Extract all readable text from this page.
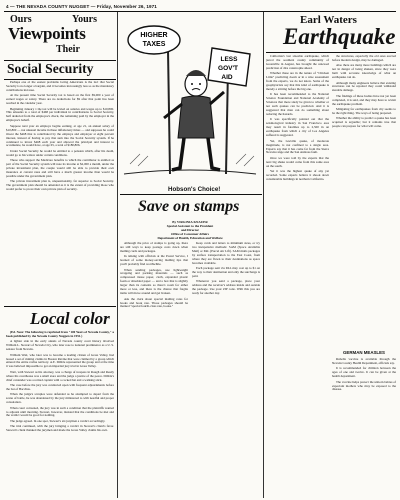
4 — THE NEVADA COUNTY NUGGET — Friday, November 26, 1971
Ours	Yours
Viewpoints
Their
Social Security

Perhaps one of the easiest problems facing Americans is the fact that Social Security is no longer a bargain, and it becomes increasingly less so as the mandatory contributions increase.

At the present time Social Security tax is based on the first $9,000 a year of earned wages or salary. There are no deductions for $9 after that point has been reached in the calendar year.

Beginning January 1 the tax will be levied on salaries and wages up to $10,800. This amounts to a total of $468 per individual in contributions to Social Security, half deducted from the employee's check, the remaining paid by the employer in the employee's behalf.

Suppose next year an employe begins earning, at age 21, an annual salary of $10,800 — not unusual income in these inflationary times — and supposes he could invest the $468 that is contributed by the employe and employer at eight percent interest, instead of having to pay that sum into the Social Security system. If he continued to invest $468 each year and allowed the principal and interest to accumulate, he would have, at age 65, a total of $180,806.

Under Social Security he would be entitled to a pension which, after his death, would go to his widow under certain conditions.

Those who support the Medicare benefits to which the contributor is entitled as part of the Social Security system will note its income at $2,000 a month, under the private investment plan, the couple would still be able to provide their own insurance at current rates and still have a much greater income than would be possible under the government plan.

The private investment plan is, unquestionably, far superior to Social Security. The government plan should be amended as it is the extent of providing those who would prefer to prove their own private plan of security.

Local color

(Ed. Note: The following is reprinted from "100 Years of Nevada County," a book published by the Nevada County Nuggets in 1951.)

A lighter side in the early annals of Nevada county court history involved William L. Stewart of Nevada City, who later rose to national prominence as a U. S. senator from Nevada.

William Watt, who later was to become a leading citizen of Grass Valley, had leased a set of mining claims in Boston Ravine that were claimed by a group which entered the entire ravine territory. A.E. Dibble represented the group and at the time it was believed impossible to get an impartial jury trial in Grass Valley.

Watt, with Stewart as his attorney, was a charge of trespass in Rough and Ready where his courthouse was a small store and the judge a justice of the peace. Dibble's chief contender was a retired captain with a cocked hat and a walking stick.

The case before the jury was conducted upon with frequent adjournments before the bar of Bacchus.

When the judge's scruples were defended as he attempted to depart from the scene of battle, he was abandoned by the jury ministered to with needful and proper consolation.

When court convened, the jury was in such a condition that the plaintiffs wanted to adjourn until morning. Stewart, however, insisted that the conditions be met and the verdict would be good for nothing.

The judge agreed. In one spot, Stewart's six jurymen a verdict accordingly.

The trial continued, with the jury bringing a verdict in Stewart's client's favor. Stewart's client thanked the jurymen and made the Grass Valley claims his own.

HIGHER
TAXES
LESS
GOV'T
AID
Hobson's Choice!
Save on stamps
By VIRGINIA KNAUER
Special Assistant to the President
and Director
Office of Consumer Affairs
Department of Health, Education and Welfare

Although the price of stamps is going up, there are still ways to keep postage costs down when mailing cards and packages.

In talking with officials at the Postal Service, I learned of some money-saving mailing tips that you'll probably find worthwhile.

When sending packages, use lightweight wrapping and packing materials — such as compressed tissue paper, cloth, expanded plastic foam or shredded paper — and a box that is slightly larger than its contents so there's room for either more or less, and there is the chance that fragile items will move around and get broken.

Ask the clerk about special mailing rates for books and book rate. Those packages should be marked "special fourth-class rate, books."

Keep cards and letters to minimum sizes, or try two inexpensive methods: SAM (Space Available Mail) or PAL (Parcel Air Lift). SAM mails packages by surface transportation to the East Coast, from where they are flown to their destinations as space becomes available.

Each package sent via PAL may cost up to $1 on the way to their destination and only the surcharge is paid.

Whenever you send a package, place your address and the receiver's address inside and outside the package. Use your ZIP code. With this you are ready for another day.

Earl Waters
Earthquake

California's last sizeable earthquake, which jarred the southern county community of Greenville in August, has brought the renewed prediction of dire catastrophe ahead.

Whether these are in the nature of "Chicken Little" predicting doom or in a wise assessment from the experts, we do not know. Some of the geophysicists say that this kind of earthquake is merely a stirring before the big one.

It has been recommended to the National Science Foundation and National Academy of Sciences that more study be given to whether or not such quakes can be predicted. And it is suggested that man can do something about reducing the hazards.

It was specifically pointed out that the seismological industry in San Francisco area may result in fatalities up to 2,500 in an earthquake from which a city of Los Angeles suffered is suggested.

Yet, the Greville quake, of moderate magnitude, is not confined to a single area. Experts say that it has come far from the Sierra Nevada range and the San Andreas fault.

Once we were told by the experts that the next big shake would come from this same area on the south.

Yet it was the highest quake of any yet recorded. Some experts believe it shook down considerable buildings in northern California.

the structures, especially the old ones erected before modern design, may be damaged.

Also there are many more buildings which are not in danger of being shaken, since they were built with accurate knowledge of what an earthquake can do.

Although many engineers believe that existing structures can be repaired they could withstand sizeable damage.

The findings of these bodies have not yet been completed, it is said, and they may have to revisit the earthquake problem.

Mitigating for earthquakes from city seems to be the right thing. The ways of being prepared.

Whether the ability to predict a quake has been acquired is arguable; but it remains true that people can prepare for what will come.

GERMAN MEASLES

Rubella vaccine is available through the Nevada County Health Department, officials say.

It is recommended for children between the ages of one and twelve. It can be given at the health department.

The vaccine helps protect the unborn babies of expectant mothers who may be exposed to the disease.
